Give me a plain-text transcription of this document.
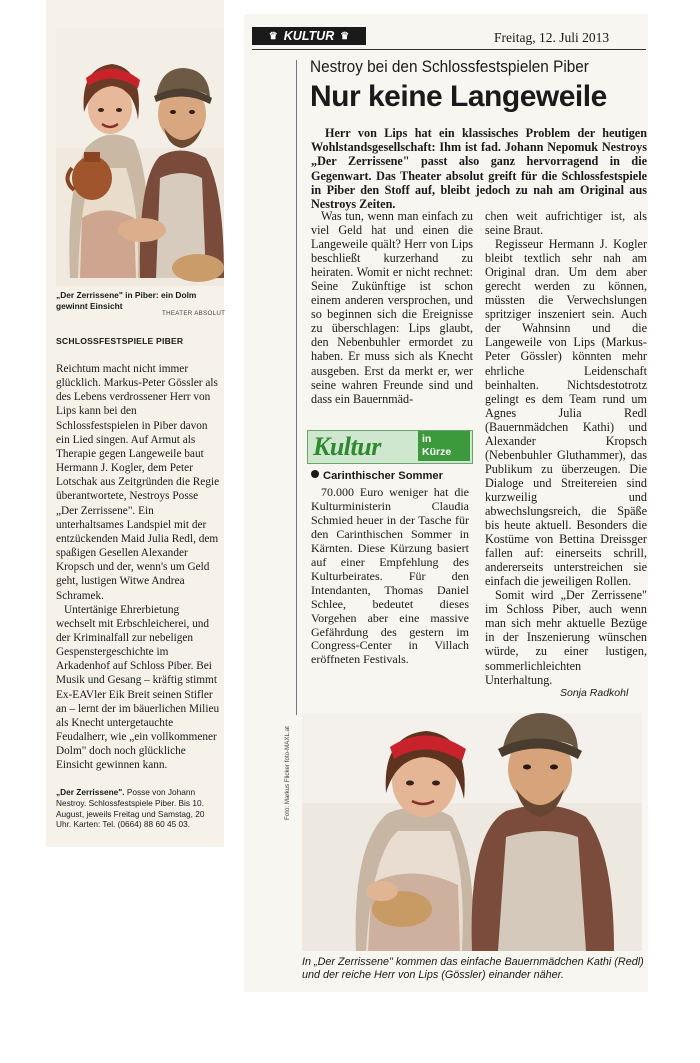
„Der Zerrissene" in Piber: ein Dolm gewinnt Einsicht
THEATER ABSOLUT
SCHLOSSFESTSPIELE PIBER

Reichtum macht nicht immer glücklich. Markus-Peter Gössler als des Lebens verdrossener Herr von Lips kann bei den Schlossfestspielen in Piber davon ein Lied singen. Auf Armut als Therapie gegen Langeweile baut Hermann J. Kogler, dem Peter Lotschak aus Zeitgründen die Regie überantwortete, Nestroys Posse „Der Zerrissene". Ein unterhaltsames Landspiel mit der entzückenden Maid Julia Redl, dem spaßigen Gesellen Alexander Kropsch und der, wenn's um Geld geht, lustigen Witwe Andrea Schramek.

Untertänige Ehrerbietung wechselt mit Erbschleicherei, und der Kriminalfall zur nebeligen Gespenstergeschichte im Arkadenhof auf Schloss Piber. Bei Musik und Gesang – kräftig stimmt Ex-EAVler Eik Breit seinen Stifler an – lernt der im bäuerlichen Milieu als Knecht untergetauchte Feudalherr, wie „ein vollkommener Dolm" doch noch glückliche Einsicht gewinnen kann.

„Der Zerrissene". Posse von Johann Nestroy. Schlossfestspiele Piber. Bis 10. August, jeweils Freitag und Samstag, 20 Uhr. Karten: Tel. (0664) 88 60 45 03.
♛ KULTUR ♛	Freitag, 12. Juli 2013
Nestroy bei den Schlossfestspielen Piber
Nur keine Langeweile

Herr von Lips hat ein klassisches Problem der heutigen Wohlstandsgesellschaft: Ihm ist fad. Johann Nepomuk Nestroys „Der Zerrissene" passt also ganz hervorragend in die Gegenwart. Das Theater absolut greift für die Schlossfestspiele in Piber den Stoff auf, bleibt jedoch zu nah am Original aus Nestroys Zeiten.

Was tun, wenn man einfach zu viel Geld hat und einen die Langeweile quält? Herr von Lips beschließt kurzerhand zu heiraten. Womit er nicht rechnet: Seine Zukünftige ist schon einem anderen versprochen, und so beginnen sich die Ereignisse zu überschlagen: Lips glaubt, den Nebenbuhler ermordet zu haben. Er muss sich als Knecht ausgeben. Erst da merkt er, wer seine wahren Freunde sind und dass ein Bauernmäd-

chen weit aufrichtiger ist, als seine Braut.

Regisseur Hermann J. Kogler bleibt textlich sehr nah am Original dran. Um dem aber gerecht werden zu können, müssten die Verwechslungen spritziger inszeniert sein. Auch der Wahnsinn und die Langeweile von Lips (Markus-Peter Gössler) könnten mehr ehrliche Leidenschaft beinhalten. Nichtsdestotrotz gelingt es dem Team rund um Agnes Julia Redl (Bauernmädchen Kathi) und Alexander Kropsch (Nebenbuhler Gluthammer), das Publikum zu überzeugen. Die Dialoge und Streitereien sind kurzweilig und abwechslungsreich, die Späße bis heute aktuell. Besonders die Kostüme von Bettina Dreissger fallen auf: einerseits schrill, andererseits unterstreichen sie einfach die jeweiligen Rollen.

Somit wird „Der Zerrissene" im Schloss Piber, auch wenn man sich mehr aktuelle Bezüge in der Inszenierung wünschen würde, zu einer lustigen, sommerlichleichten Unterhaltung.

Sonja Radkohl
Kultur	in
Kürze
Carinthischer Sommer

70.000 Euro weniger hat die Kulturministerin Claudia Schmied heuer in der Tasche für den Carinthischen Sommer in Kärnten. Diese Kürzung basiert auf einer Empfehlung des Kulturbeirates. Für den Intendanten, Thomas Daniel Schlee, bedeutet dieses Vorgehen aber eine massive Gefährdung des gestern im Congress-Center in Villach eröffneten Festivals.

Foto: Markus Flicker foto-MAXL.at
In „Der Zerrissene" kommen das einfache Bauernmädchen Kathi (Redl) und der reiche Herr von Lips (Gössler) einander näher.
